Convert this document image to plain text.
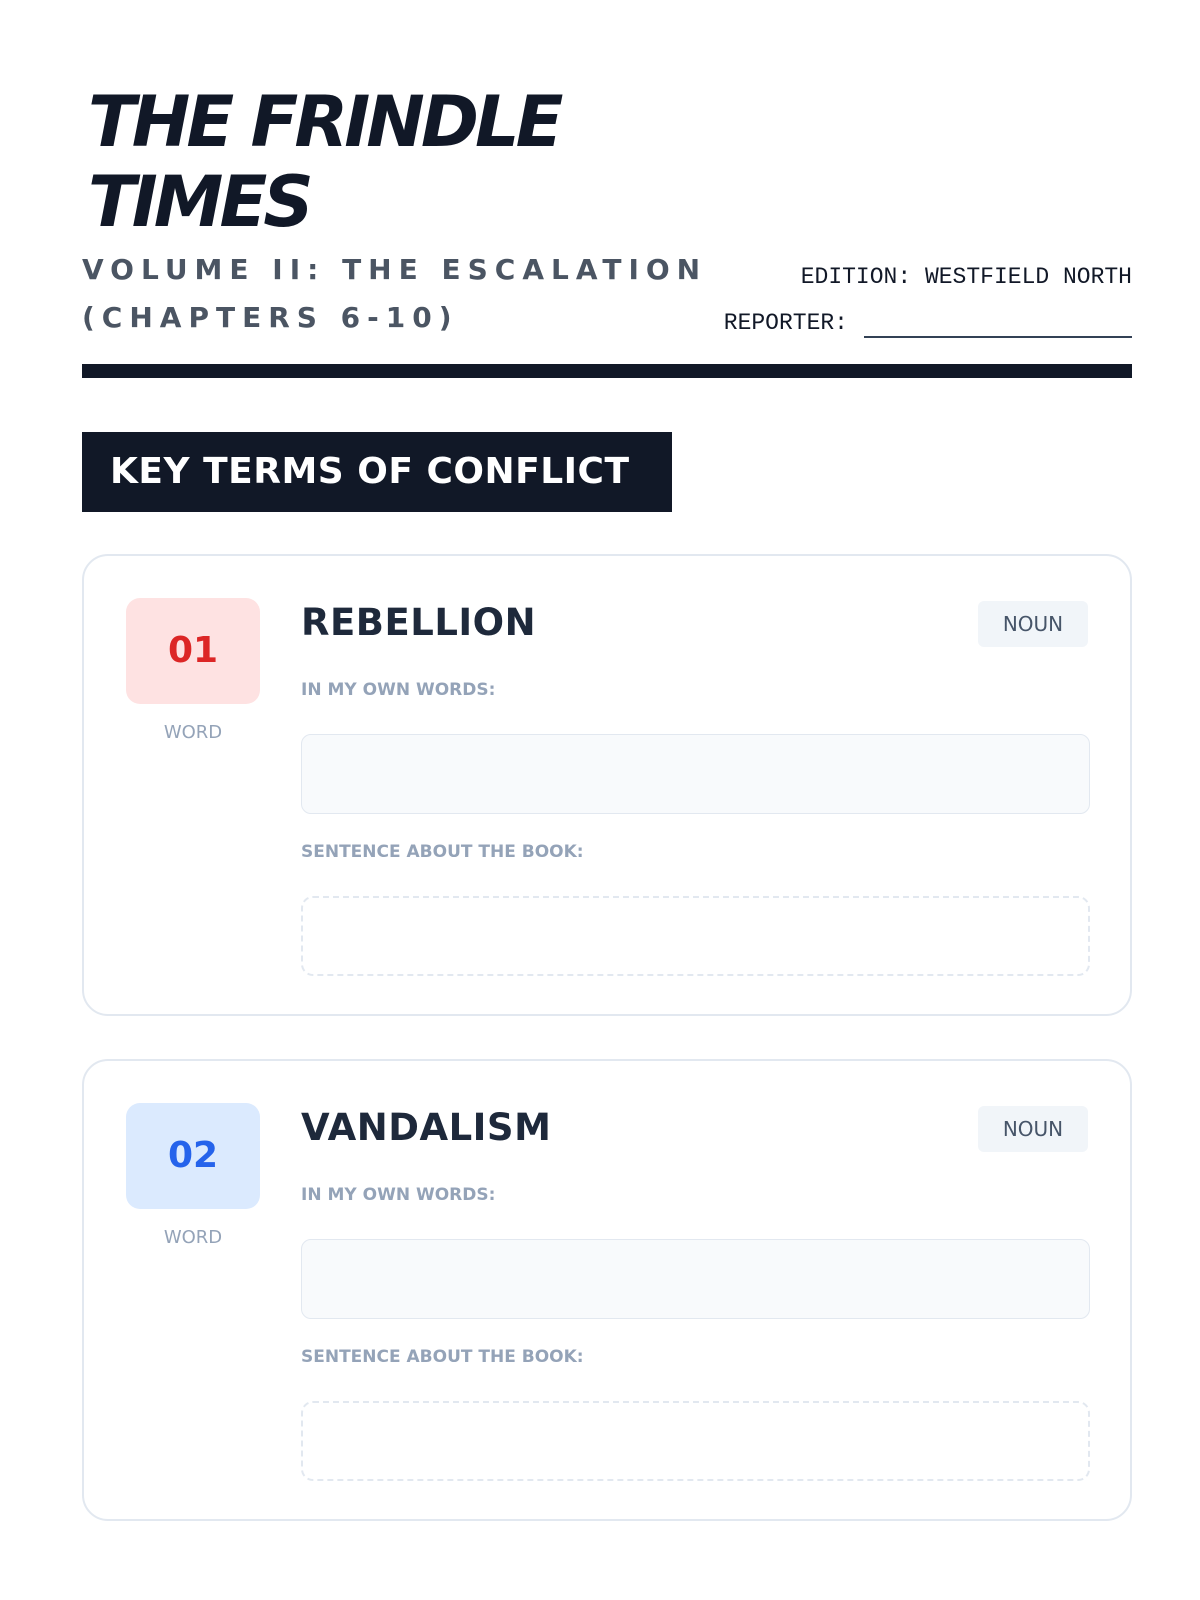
THE FRINDLE TIMES
VOLUME II: THE ESCALATION (CHAPTERS 6-10)
EDITION: WESTFIELD NORTH
REPORTER:
KEY TERMS OF CONFLICT
01
WORD
REBELLION	NOUN
IN MY OWN WORDS:
SENTENCE ABOUT THE BOOK:
02
WORD
VANDALISM	NOUN
IN MY OWN WORDS:
SENTENCE ABOUT THE BOOK:
